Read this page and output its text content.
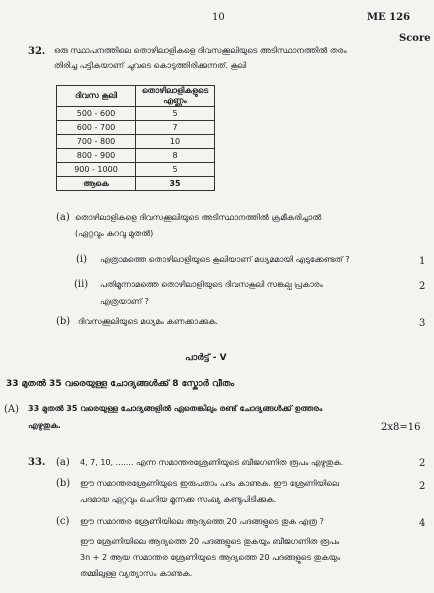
10	ME 126
Score
32. ഒരു സ്ഥാപനത്തിലെ തൊഴിലാളികളെ ദിവസക്കൂലിയുടെ അടിസ്ഥാനത്തിൽ തരം
തിരിച്ച പട്ടികയാണ് ചുവടെ കൊടുത്തിരിക്കുന്നത്. കൂലി
ദിവസ കൂലി	തൊഴിലാളികളുടെ എണ്ണം
500 - 600	5
600 - 700	7
700 - 800	10
800 - 900	8
900 - 1000	5
ആകെ	35
(a) തൊഴിലാളികളെ ദിവസക്കൂലിയുടെ അടിസ്ഥാനത്തിൽ ക്രമീകരിച്ചാൽ
(ഏറ്റവും കുറവു മുതൽ)
(i) എത്രാമത്തെ തൊഴിലാളിയുടെ കൂലിയാണ് മധ്യമമായി എടുക്കേണ്ടത് ?	1
(ii) പതിമൂന്നാമത്തെ തൊഴിലാളിയുടെ ദിവസകൂലി സങ്കല്പ പ്രകാരം
എത്രയാണ് ?
2
(b) ദിവസക്കൂലിയുടെ മധ്യമം കണക്കാക്കുക.	3
പാർട്ട് - V
33 മുതൽ 35 വരെയുള്ള ചോദ്യങ്ങൾക്ക് 8 സ്കോർ വീതം
(A) 33 മുതൽ 35 വരെയുള്ള ചോദ്യങ്ങളിൽ ഏതെങ്കിലും രണ്ട് ചോദ്യങ്ങൾക്ക് ഉത്തരം
എഴുതുക.	2x8=16
33. (a) 4, 7, 10, ....... എന്ന സമാന്തരശ്രേണിയുടെ ബീജഗണിത രൂപം എഴുതുക.	2
(b) ഈ സമാന്തരശ്രേണിയുടെ ഇരുപതാം പദം കാണുക. ഈ ശ്രേണിയിലെ
പദമായ ഏറ്റവും ചെറിയ മൂന്നക്ക സംഖ്യ കണ്ടുപിടിക്കുക.
2
(c) ഈ സമാന്തര ശ്രേണിയിലെ ആദ്യത്തെ 20 പദങ്ങളുടെ തുക എത്ര ?	4
ഈ ശ്രേണിയിലെ ആദ്യത്തെ 20 പദങ്ങളുടെ തുകയും ബീജഗണിത രൂപം
3n + 2 ആയ സമാന്തര ശ്രേണിയുടെ ആദ്യത്തെ 20 പദങ്ങളുടെ തുകയും
തമ്മിലുള്ള വ്യത്യാസം കാണുക.
